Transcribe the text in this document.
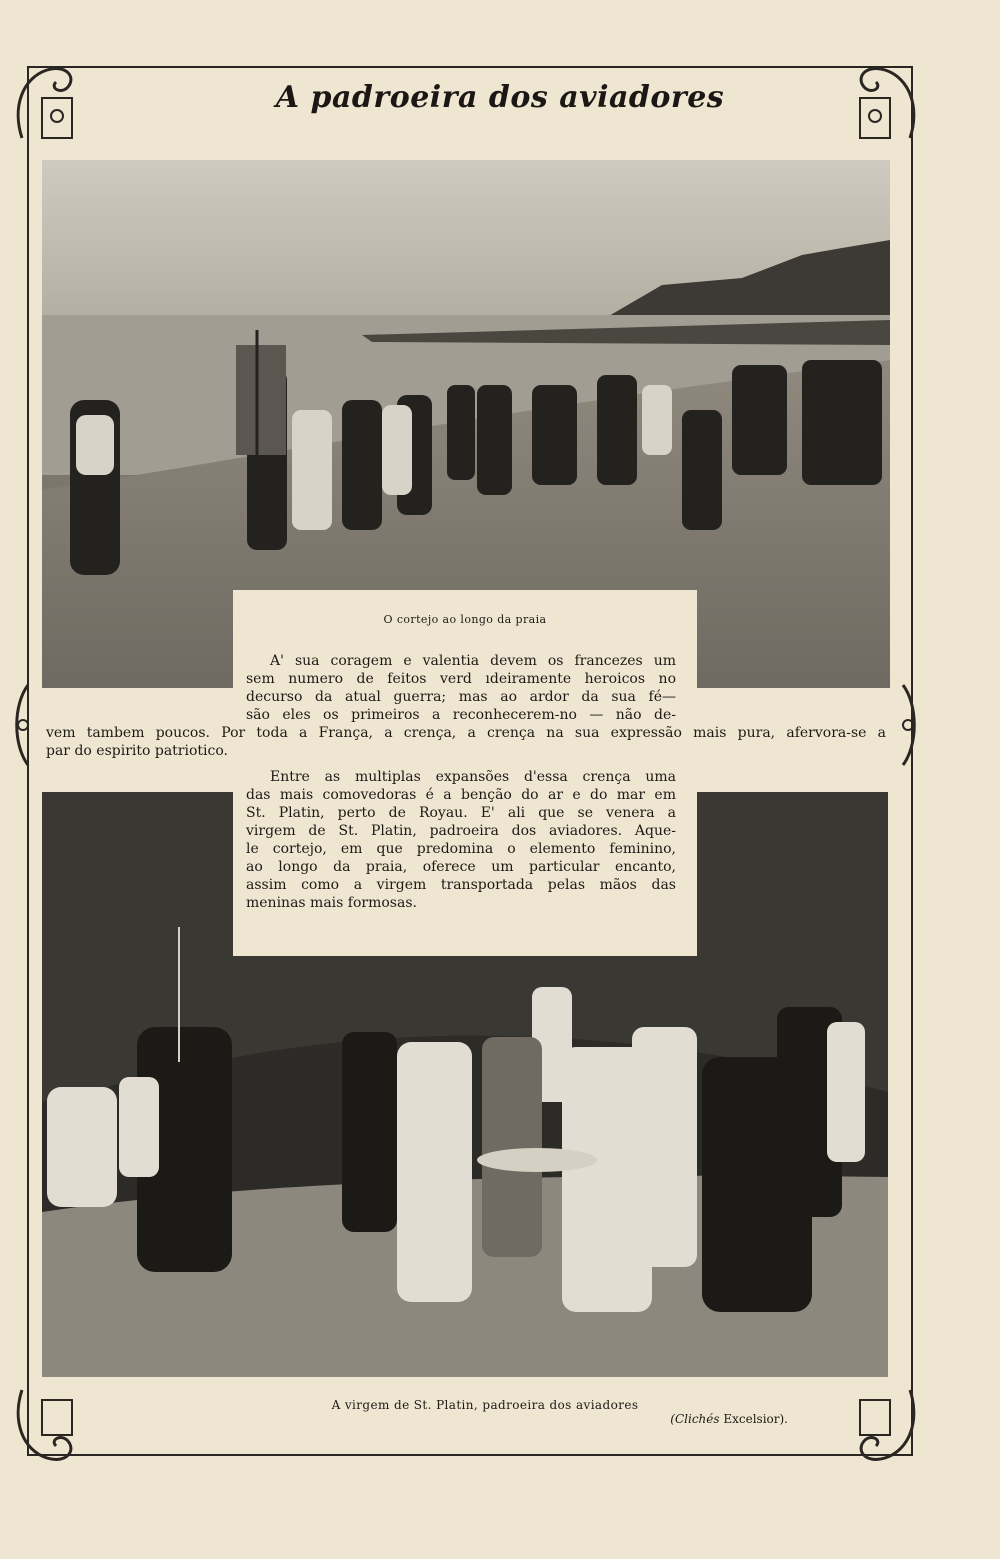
A padroeira dos aviadores
O cortejo ao longo da praia
A' sua coragem e valentia devem os francezes um
sem numero de feitos verd ıdeiramente heroicos no
decurso da atual guerra; mas ao ardor da sua fé—
são eles os primeiros a reconhecerem-no — não de-
vem tambem poucos. Por toda a França, a crença, a crença na sua expressão mais pura, afervora-se a
par do espirito patriotico.
Entre as multiplas expansões d'essa crença uma
das mais comovedoras é a benção do ar e do mar em
St. Platin, perto de Royau. E' ali que se venera a
virgem de St. Platin, padroeira dos aviadores. Aque-
le cortejo, em que predomina o elemento feminino,
ao longo da praia, oferece um particular encanto,
assim como a virgem transportada pelas mãos das
meninas mais formosas.
A virgem de St. Platin, padroeira dos aviadores
(Clichés Excelsior).
